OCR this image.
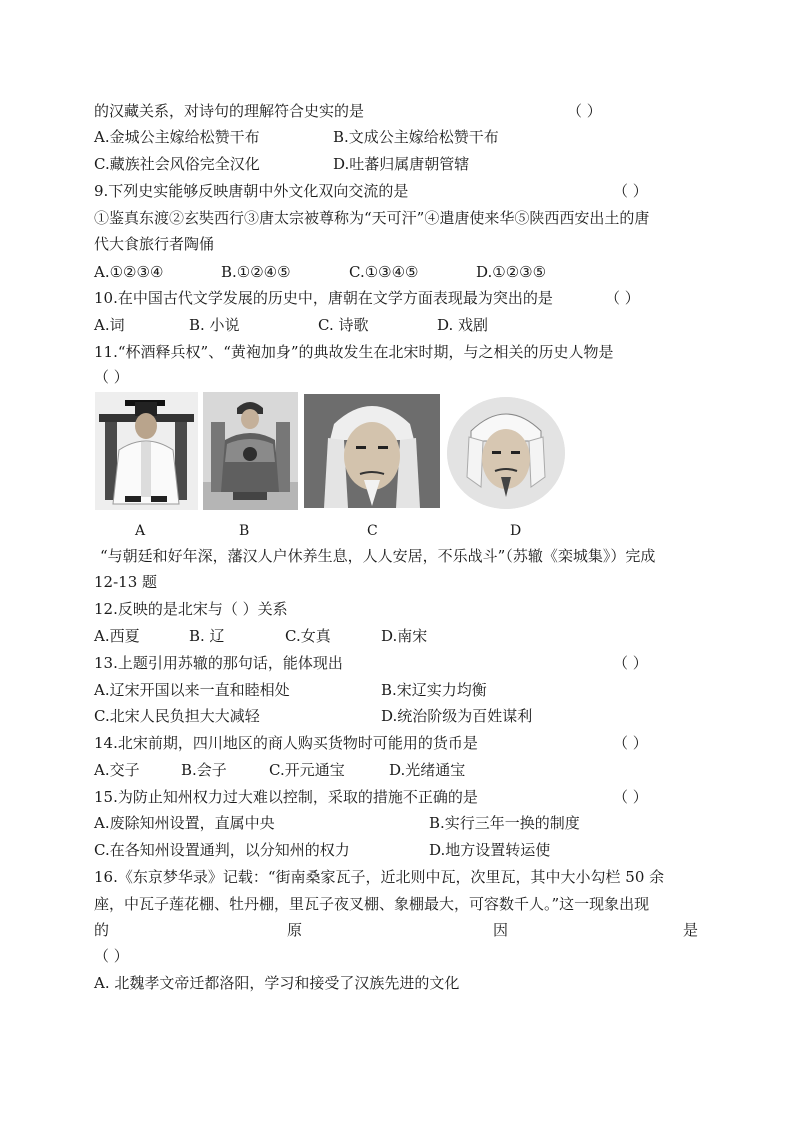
的汉藏关系，对诗句的理解符合史实的是	（ ）
A.金城公主嫁给松赞干布	B.文成公主嫁给松赞干布
C.藏族社会风俗完全汉化	D.吐蕃归属唐朝管辖
9.下列史实能够反映唐朝中外文化双向交流的是	（ ）
①鉴真东渡②玄奘西行③唐太宗被尊称为“天可汗”④遣唐使来华⑤陕西西安出土的唐
代大食旅行者陶俑
A.①②③④	B.①②④⑤	C.①③④⑤	D.①②③⑤
10.在中国古代文学发展的历史中，唐朝在文学方面表现最为突出的是	（ ）
A.词	B. 小说	C. 诗歌	D. 戏剧
11.“杯酒释兵权”、“黄袍加身”的典故发生在北宋时期，与之相关的历史人物是
（ ）
A	B	C	D
“与朝廷和好年深，藩汉人户休养生息，人人安居，不乐战斗”（苏辙《栾城集》）完成
12-13 题
12.反映的是北宋与（ ）关系
A.西夏	B. 辽	C.女真	D.南宋
13.上题引用苏辙的那句话，能体现出	（ ）
A.辽宋开国以来一直和睦相处	B.宋辽实力均衡
C.北宋人民负担大大减轻	D.统治阶级为百姓谋利
14.北宋前期，四川地区的商人购买货物时可能用的货币是	（ ）
A.交子	B.会子	C.开元通宝	D.光绪通宝
15.为防止知州权力过大难以控制，采取的措施不正确的是	（ ）
A.废除知州设置，直属中央	B.实行三年一换的制度
C.在各知州设置通判，以分知州的权力	D.地方设置转运使
16.《东京梦华录》记载：“街南桑家瓦子，近北则中瓦，次里瓦，其中大小勾栏 50 余
座，中瓦子莲花棚、牡丹棚，里瓦子夜叉棚、象棚最大，可容数千人。”这一现象出现
的	原	因	是
（ ）
A. 北魏孝文帝迁都洛阳，学习和接受了汉族先进的文化
